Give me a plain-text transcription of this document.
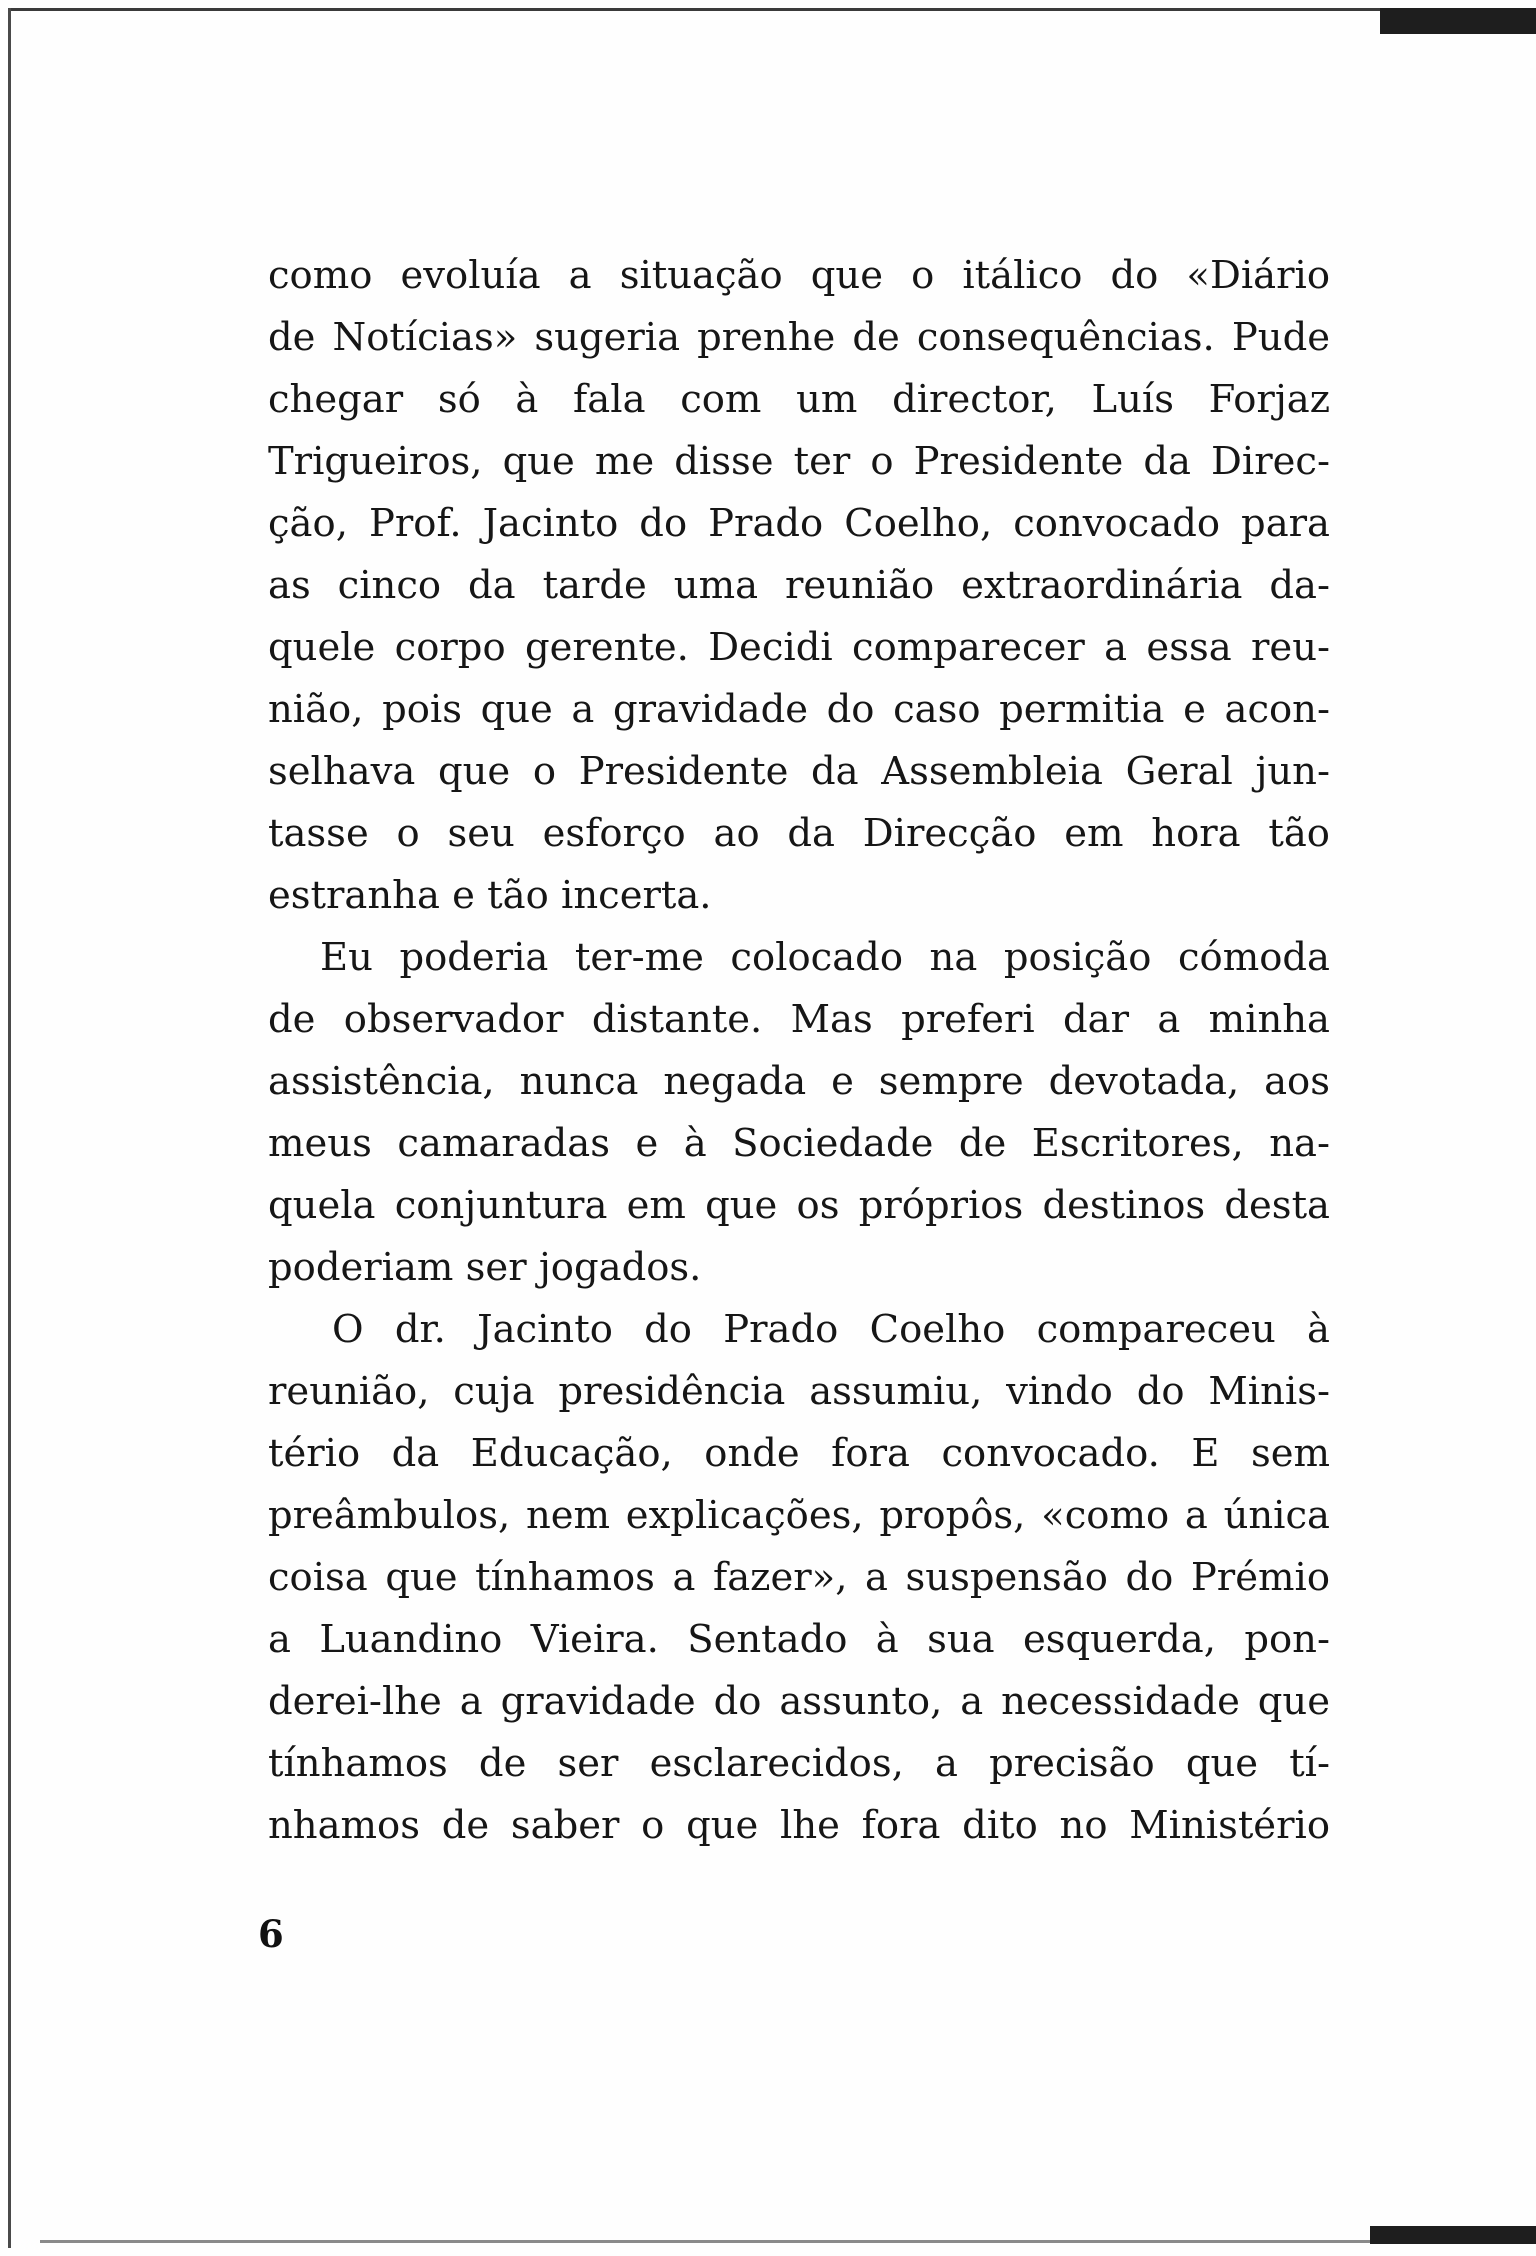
como evoluía a situação que o itálico do «Diário
de Notícias» sugeria prenhe de consequências. Pude
chegar só à fala com um director, Luís Forjaz
Trigueiros, que me disse ter o Presidente da Direc-
ção, Prof. Jacinto do Prado Coelho, convocado para
as cinco da tarde uma reunião extraordinária da-
quele corpo gerente. Decidi comparecer a essa reu-
nião, pois que a gravidade do caso permitia e acon-
selhava que o Presidente da Assembleia Geral jun-
tasse o seu esforço ao da Direcção em hora tão
estranha e tão incerta.
Eu poderia ter-me colocado na posição cómoda
de observador distante. Mas preferi dar a minha
assistência, nunca negada e sempre devotada, aos
meus camaradas e à Sociedade de Escritores, na-
quela conjuntura em que os próprios destinos desta
poderiam ser jogados.
O dr. Jacinto do Prado Coelho compareceu à
reunião, cuja presidência assumiu, vindo do Minis-
tério da Educação, onde fora convocado. E sem
preâmbulos, nem explicações, propôs, «como a única
coisa que tínhamos a fazer», a suspensão do Prémio
a Luandino Vieira. Sentado à sua esquerda, pon-
derei-lhe a gravidade do assunto, a necessidade que
tínhamos de ser esclarecidos, a precisão que tí-
nhamos de saber o que lhe fora dito no Ministério
6
